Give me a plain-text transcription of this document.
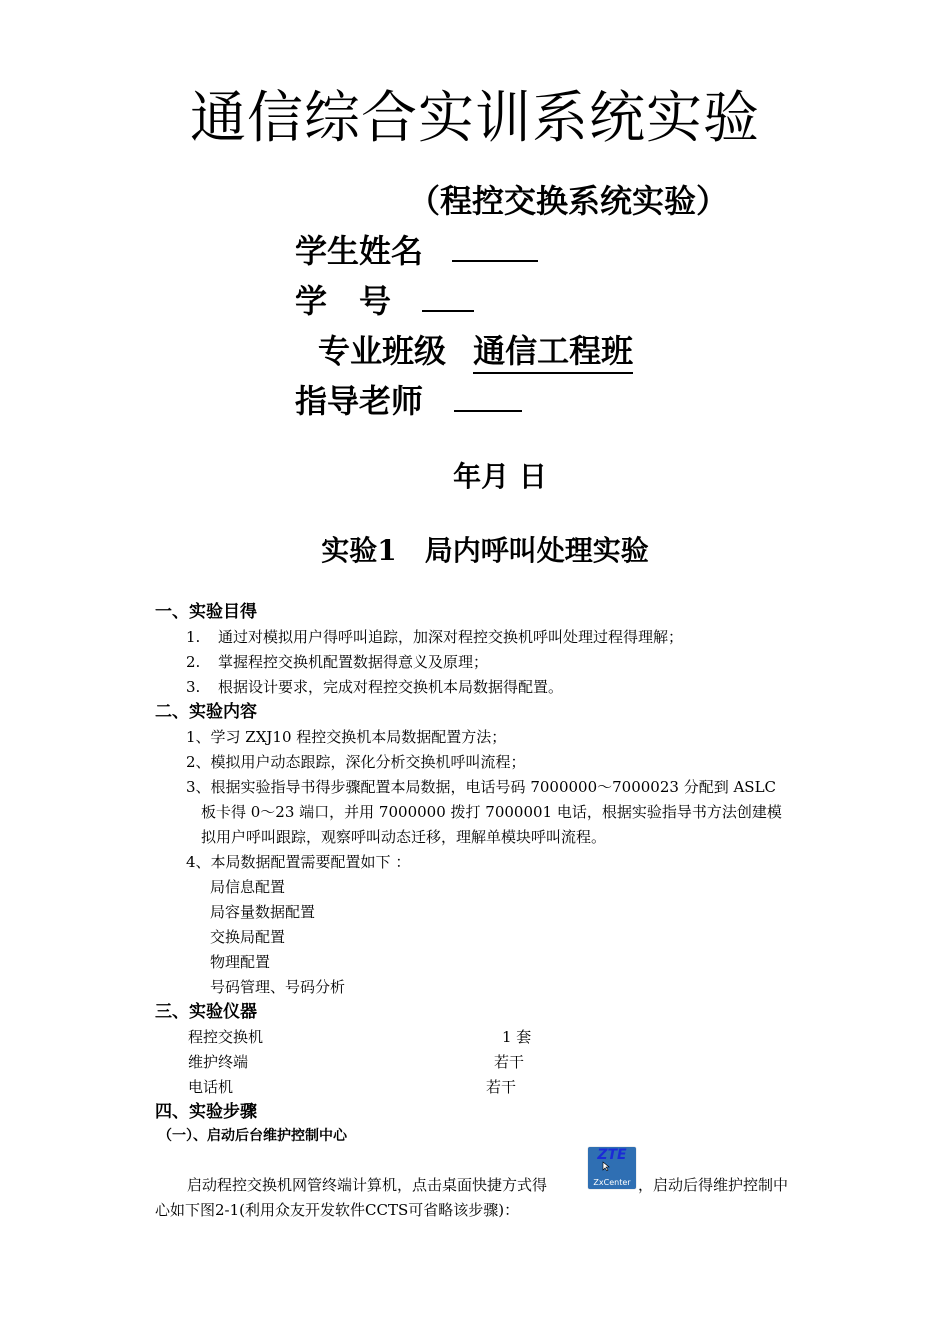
通信综合实训系统实验
（程控交换系统实验）
学生姓名
学　号
专业班级 通信工程班
指导老师
年月 日
实验1　局内呼叫处理实验
一、实验目得
1. 通过对模拟用户得呼叫追踪，加深对程控交换机呼叫处理过程得理解；
2. 掌握程控交换机配置数据得意义及原理；
3. 根据设计要求，完成对程控交换机本局数据得配置。
二、实验内容
1、学习 ZXJ10 程控交换机本局数据配置方法；
2、模拟用户动态跟踪，深化分析交换机呼叫流程；
3、根据实验指导书得步骤配置本局数据，电话号码 7000000～7000023 分配到 ASLC
板卡得 0～23 端口，并用 7000000 拨打 7000001 电话，根据实验指导书方法创建模
拟用户呼叫跟踪，观察呼叫动态迁移，理解单模块呼叫流程。
4、本局数据配置需要配置如下 ：
局信息配置
局容量数据配置
交换局配置
物理配置
号码管理、号码分析
三、实验仪器
程控交换机	1 套
维护终端	若干
电话机	若干
四、实验步骤
（一）、启动后台维护控制中心
启动程控交换机网管终端计算机，点击桌面快捷方式得
ZTE
ZxCenter ，启动后得维护控制中
心如下图2-1(利用众友开发软件CCTS可省略该步骤)：
